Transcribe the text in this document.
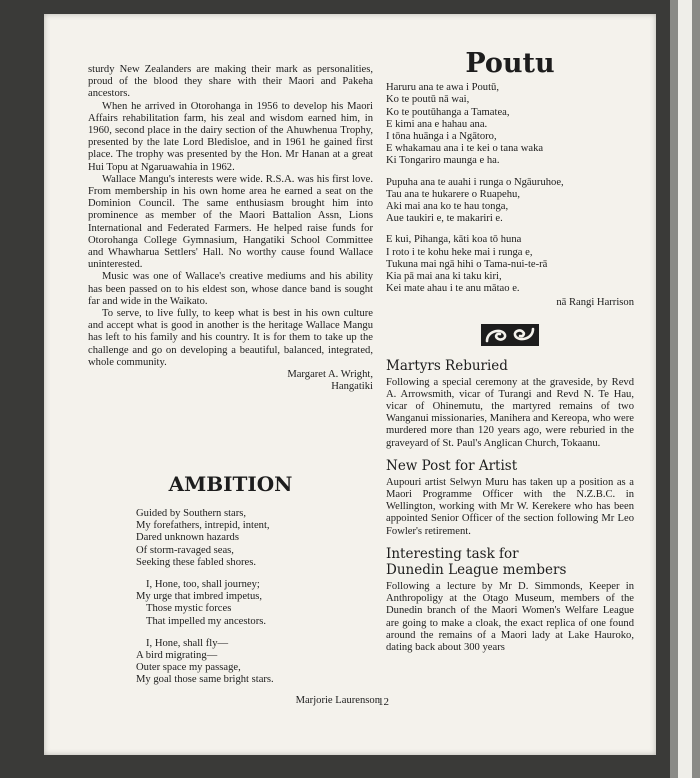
sturdy New Zealanders are making their mark as personalities, proud of the blood they share with their Maori and Pakeha ancestors.

When he arrived in Otorohanga in 1956 to develop his Maori Affairs rehabilitation farm, his zeal and wisdom earned him, in 1960, second place in the dairy section of the Ahuwhenua Trophy, presented by the late Lord Bledisloe, and in 1961 he gained first place. The trophy was presented by the Hon. Mr Hanan at a great Hui Topu at Ngaruawahia in 1962.

Wallace Mangu's interests were wide. R.S.A. was his first love. From membership in his own home area he earned a seat on the Dominion Council. The same enthusiasm brought him into prominence as member of the Maori Battalion Assn, Lions International and Federated Farmers. He helped raise funds for Otorohanga College Gymnasium, Hangatiki School Committee and Whawharua Settlers' Hall. No worthy cause found Wallace uninterested.

Music was one of Wallace's creative mediums and his ability has been passed on to his eldest son, whose dance band is sought far and wide in the Waikato.

To serve, to live fully, to keep what is best in his own culture and accept what is good in another is the heritage Wallace Mangu has left to his family and his country. It is for them to take up the challenge and go on developing a beautiful, balanced, integrated, whole community.

Margaret A. Wright,
Hangatiki
AMBITION
Guided by Southern stars,
My forefathers, intrepid, intent,
Dared unknown hazards
Of storm-ravaged seas,
Seeking these fabled shores.
I, Hone, too, shall journey;
My urge that imbred impetus,
Those mystic forces
That impelled my ancestors.
I, Hone, shall fly—
A bird migrating—
Outer space my passage,
My goal those same bright stars.
Marjorie Laurenson
Poutu
Haruru ana te awa i Poutū,
Ko te poutū nā wai,
Ko te poutūhanga a Tamatea,
E kimi ana e hahau ana.
I tōna huānga i a Ngātoro,
E whakamau ana i te kei o tana waka
Ki Tongariro maunga e ha.
Pupuha ana te auahi i runga o Ngāuruhoe,
Tau ana te hukarere o Ruapehu,
Aki mai ana ko te hau tonga,
Aue taukiri e, te makariri e.
E kui, Pihanga, kāti koa tō huna
I roto i te kohu heke mai i runga e,
Tukuna mai ngā hihi o Tama-nui-te-rā
Kia pā mai ana ki taku kiri,
Kei mate ahau i te anu mātao e.
nā Rangi Harrison
Martyrs Reburied

Following a special ceremony at the graveside, by Revd A. Arrowsmith, vicar of Turangi and Revd N. Te Hau, vicar of Ohinemutu, the martyred remains of two Wanganui missionaries, Manihera and Kereopa, who were murdered more than 120 years ago, were reburied in the graveyard of St. Paul's Anglican Church, Tokaanu.

New Post for Artist

Aupouri artist Selwyn Muru has taken up a position as a Maori Programme Officer with the N.Z.B.C. in Wellington, working with Mr W. Kerekere who has been appointed Senior Officer of the section following Mr Leo Fowler's retirement.

Interesting task for
Dunedin League members

Following a lecture by Mr D. Simmonds, Keeper in Anthropoligy at the Otago Museum, members of the Dunedin branch of the Maori Women's Welfare League are going to make a cloak, the exact replica of one found around the remains of a Maori lady at Lake Hauroko, dating back about 300 years

12
